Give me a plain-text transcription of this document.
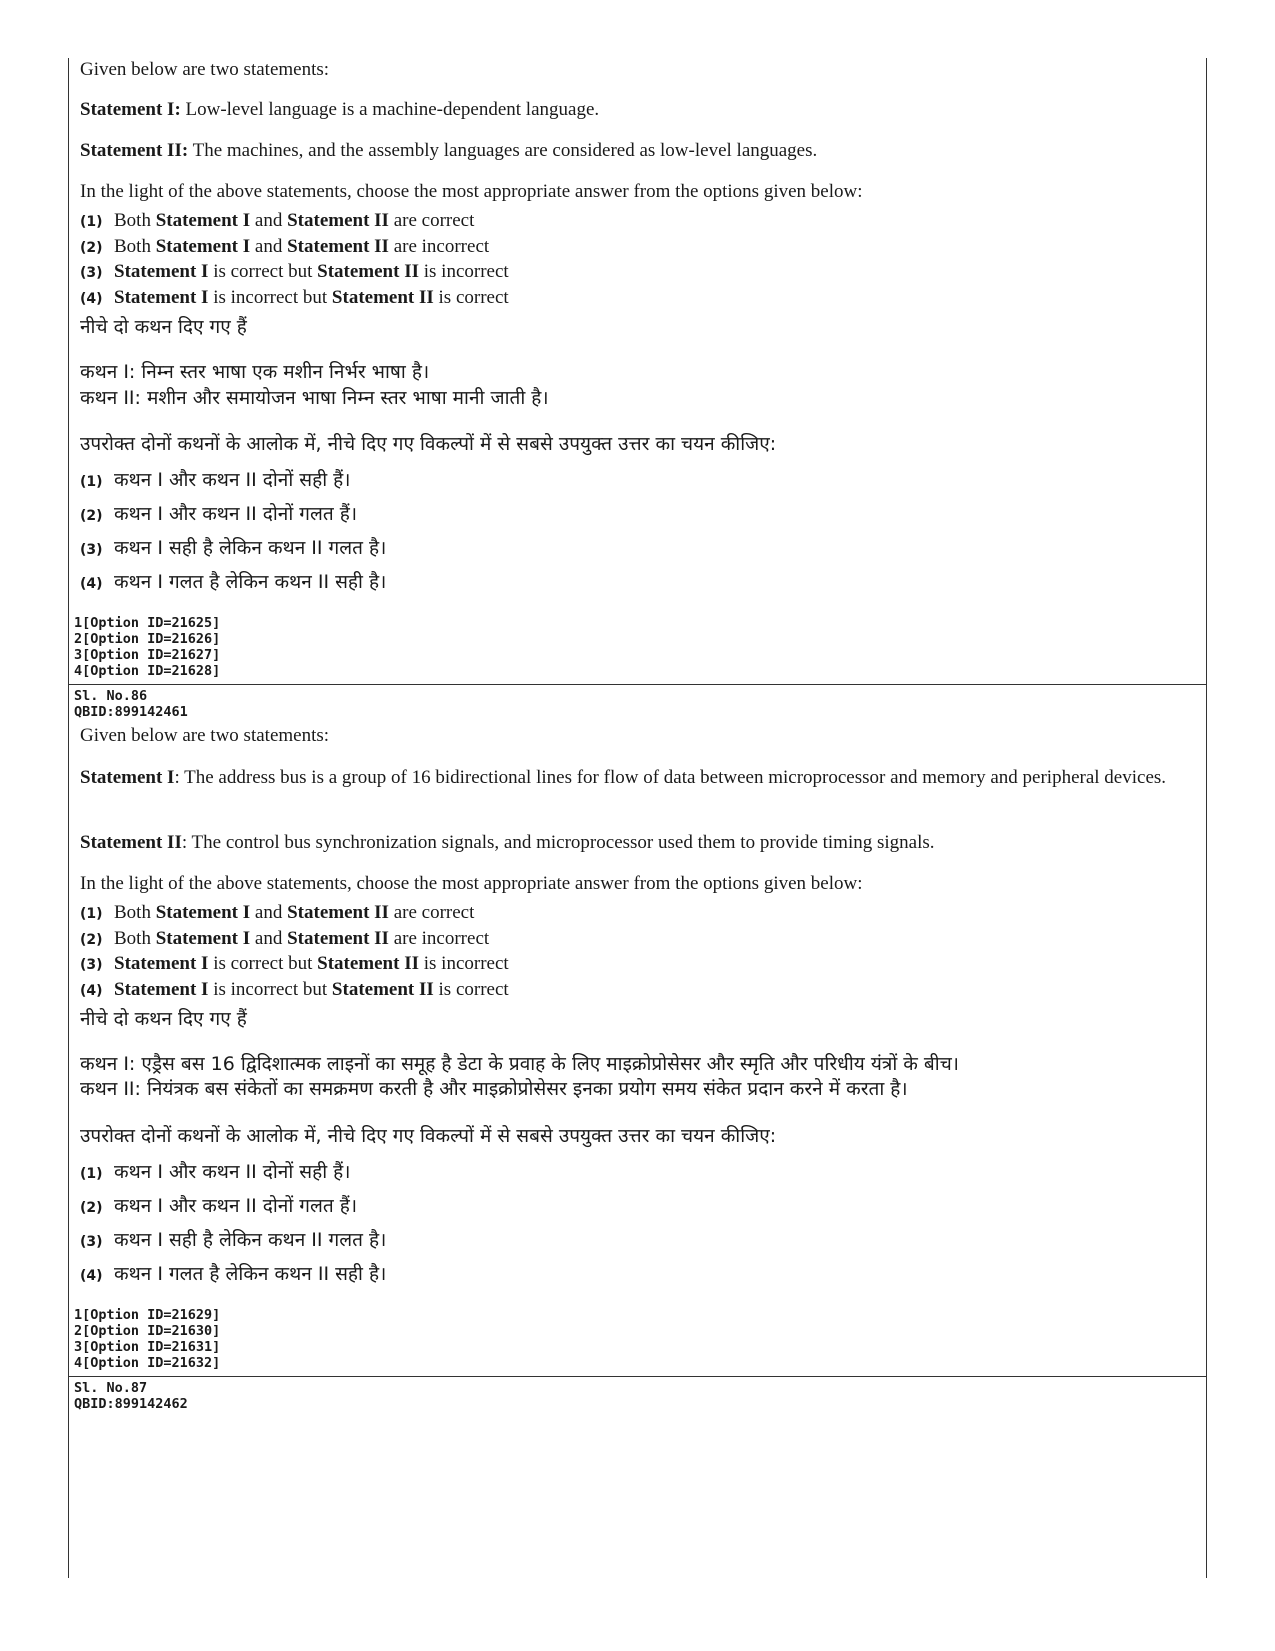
Given below are two statements:
Statement I: Low-level language is a machine-dependent language.
Statement II: The machines, and the assembly languages are considered as low-level languages.
In the light of the above statements, choose the most appropriate answer from the options given below:
(1) Both Statement I and Statement II are correct
(2) Both Statement I and Statement II are incorrect
(3) Statement I is correct but Statement II is incorrect
(4) Statement I is incorrect but Statement II is correct
नीचे दो कथन दिए गए हैं
कथन I: निम्न स्तर भाषा एक मशीन निर्भर भाषा है।
कथन II: मशीन और समायोजन भाषा निम्न स्तर भाषा मानी जाती है।
उपरोक्त दोनों कथनों के आलोक में, नीचे दिए गए विकल्पों में से सबसे उपयुक्त उत्तर का चयन कीजिए:
(1) कथन I और कथन II दोनों सही हैं।
(2) कथन I और कथन II दोनों गलत हैं।
(3) कथन I सही है लेकिन कथन II गलत है।
(4) कथन I गलत है लेकिन कथन II सही है।
1[Option ID=21625]
2[Option ID=21626]
3[Option ID=21627]
4[Option ID=21628]
Sl. No.86
QBID:899142461
Given below are two statements:
Statement I: The address bus is a group of 16 bidirectional lines for flow of data between microprocessor and memory and peripheral devices.
Statement II: The control bus synchronization signals, and microprocessor used them to provide timing signals.
In the light of the above statements, choose the most appropriate answer from the options given below:
(1) Both Statement I and Statement II are correct
(2) Both Statement I and Statement II are incorrect
(3) Statement I is correct but Statement II is incorrect
(4) Statement I is incorrect but Statement II is correct
नीचे दो कथन दिए गए हैं
कथन I: एड्रैस बस 16 द्विदिशात्मक लाइनों का समूह है डेटा के प्रवाह के लिए माइक्रोप्रोसेसर और स्मृति और परिधीय यंत्रों के बीच।
कथन II: नियंत्रक बस संकेतों का समक्रमण करती है और माइक्रोप्रोसेसर इनका प्रयोग समय संकेत प्रदान करने में करता है।
उपरोक्त दोनों कथनों के आलोक में, नीचे दिए गए विकल्पों में से सबसे उपयुक्त उत्तर का चयन कीजिए:
(1) कथन I और कथन II दोनों सही हैं।
(2) कथन I और कथन II दोनों गलत हैं।
(3) कथन I सही है लेकिन कथन II गलत है।
(4) कथन I गलत है लेकिन कथन II सही है।
1[Option ID=21629]
2[Option ID=21630]
3[Option ID=21631]
4[Option ID=21632]
Sl. No.87
QBID:899142462
